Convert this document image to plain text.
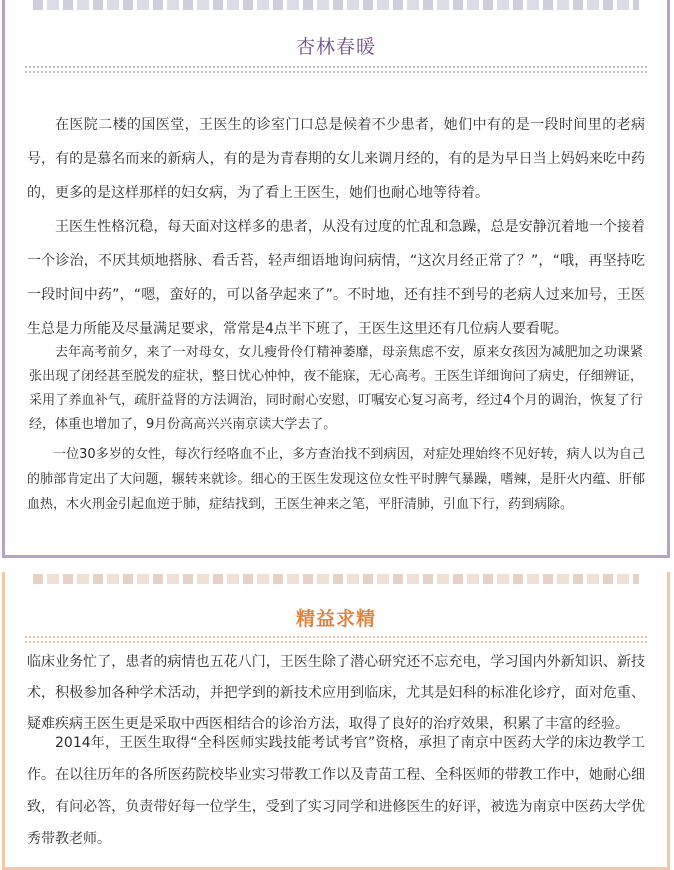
杏林春暖

在医院二楼的国医堂，王医生的诊室门口总是候着不少患者，她们中有的是一段时间里的老病号，有的是慕名而来的新病人，有的是为青春期的女儿来调月经的，有的是为早日当上妈妈来吃中药的，更多的是这样那样的妇女病，为了看上王医生，她们也耐心地等待着。

王医生性格沉稳，每天面对这样多的患者，从没有过度的忙乱和急躁，总是安静沉着地一个接着一个诊治，不厌其烦地搭脉、看舌苔，轻声细语地询问病情，“这次月经正常了？”，“哦，再坚持吃一段时间中药”，“嗯，蛮好的，可以备孕起来了”。不时地，还有挂不到号的老病人过来加号，王医生总是力所能及尽量满足要求，常常是4点半下班了，王医生这里还有几位病人要看呢。

去年高考前夕，来了一对母女，女儿瘦骨伶仃精神萎靡，母亲焦虑不安，原来女孩因为减肥加之功课紧张出现了闭经甚至脱发的症状，整日忧心忡忡，夜不能寐，无心高考。王医生详细询问了病史，仔细辨证，采用了养血补气，疏肝益肾的方法调治，同时耐心安慰，叮嘱安心复习高考，经过4个月的调治，恢复了行经，体重也增加了，9月份高高兴兴南京读大学去了。

一位30多岁的女性，每次行经咯血不止，多方查治找不到病因，对症处理始终不见好转，病人以为自己的肺部肯定出了大问题，辗转来就诊。细心的王医生发现这位女性平时脾气暴躁，嗜辣，是肝火内蕴、肝郁血热，木火刑金引起血逆于肺，症结找到，王医生神来之笔，平肝清肺，引血下行，药到病除。

精益求精

临床业务忙了，患者的病情也五花八门，王医生除了潜心研究还不忘充电，学习国内外新知识、新技术，积极参加各种学术活动，并把学到的新技术应用到临床，尤其是妇科的标准化诊疗，面对危重、疑难疾病王医生更是采取中西医相结合的诊治方法，取得了良好的治疗效果，积累了丰富的经验。

2014年，王医生取得“全科医师实践技能考试考官”资格，承担了南京中医药大学的床边教学工作。在以往历年的各所医药院校毕业实习带教工作以及青苗工程、全科医师的带教工作中，她耐心细致，有问必答，负责带好每一位学生，受到了实习同学和进修医生的好评，被选为南京中医药大学优秀带教老师。
